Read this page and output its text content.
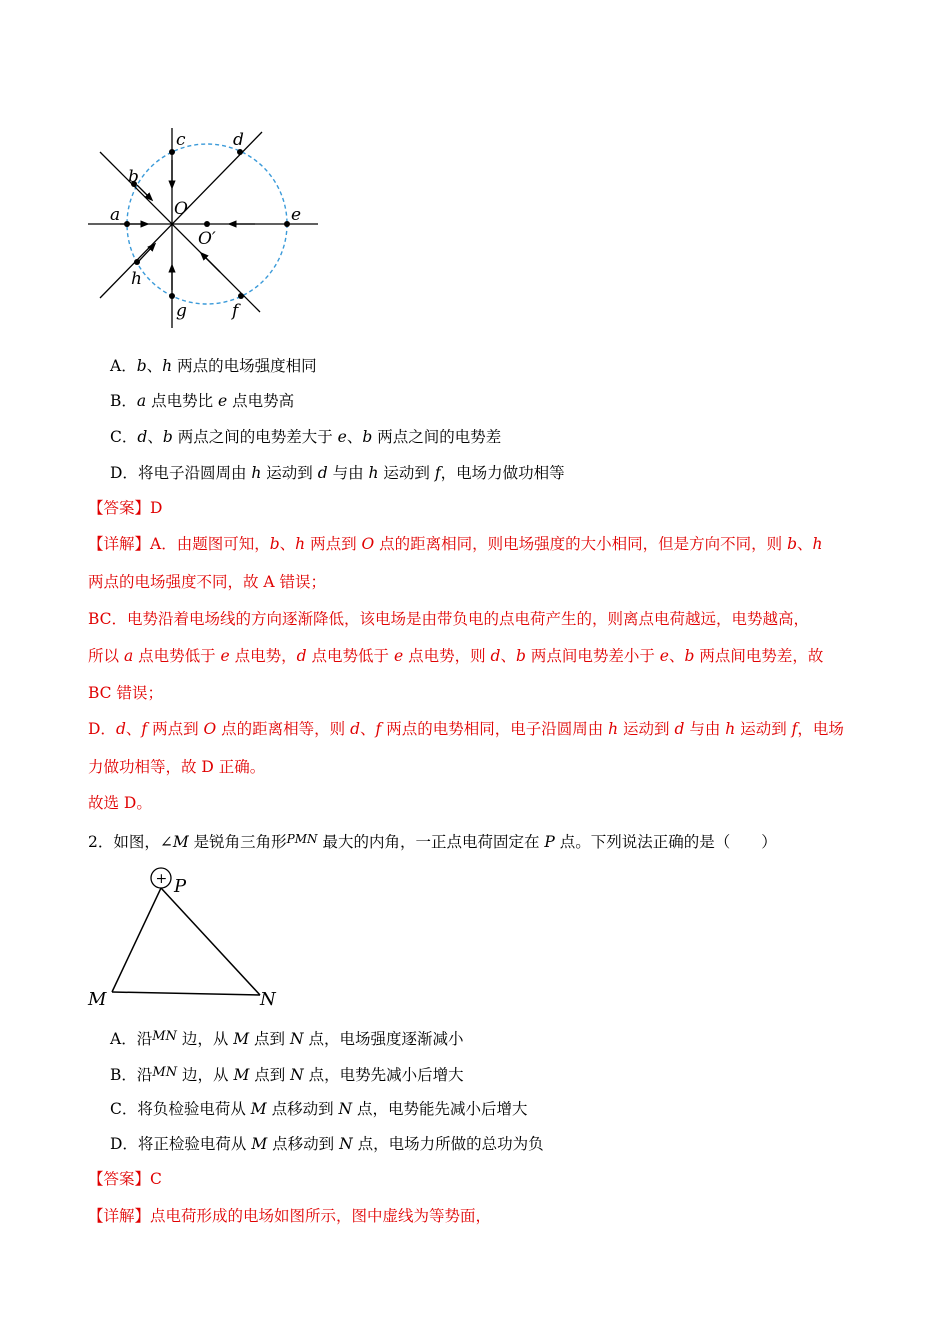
c	d
b
a	O
O′
e
h
g	f
A．b、h 两点的电场强度相同
B．a 点电势比 e 点电势高
C．d、b 两点之间的电势差大于 e、b 两点之间的电势差
D．将电子沿圆周由 h 运动到 d 与由 h 运动到 f，电场力做功相等
【答案】D
【详解】A．由题图可知，b、h 两点到 O 点的距离相同，则电场强度的大小相同，但是方向不同，则 b、h
两点的电场强度不同，故 A 错误；
BC．电势沿着电场线的方向逐渐降低，该电场是由带负电的点电荷产生的，则离点电荷越远，电势越高，
所以 a 点电势低于 e 点电势，d 点电势低于 e 点电势，则 d、b 两点间电势差小于 e、b 两点间电势差，故
BC 错误；
D．d、f 两点到 O 点的距离相等，则 d、f 两点的电势相同，电子沿圆周由 h 运动到 d 与由 h 运动到 f，电场
力做功相等，故 D 正确。
故选 D。
2．如图，∠M 是锐角三角形$^{PMN}$ 最大的内角，一正点电荷固定在 P 点。下列说法正确的是（　　）
+ P
M	N
A．沿$^{MN}$ 边，从 M 点到 N 点，电场强度逐渐减小
B．沿$^{MN}$ 边，从 M 点到 N 点，电势先减小后增大
C．将负检验电荷从 M 点移动到 N 点，电势能先减小后增大
D．将正检验电荷从 M 点移动到 N 点，电场力所做的总功为负
【答案】C
【详解】点电荷形成的电场如图所示，图中虚线为等势面，
